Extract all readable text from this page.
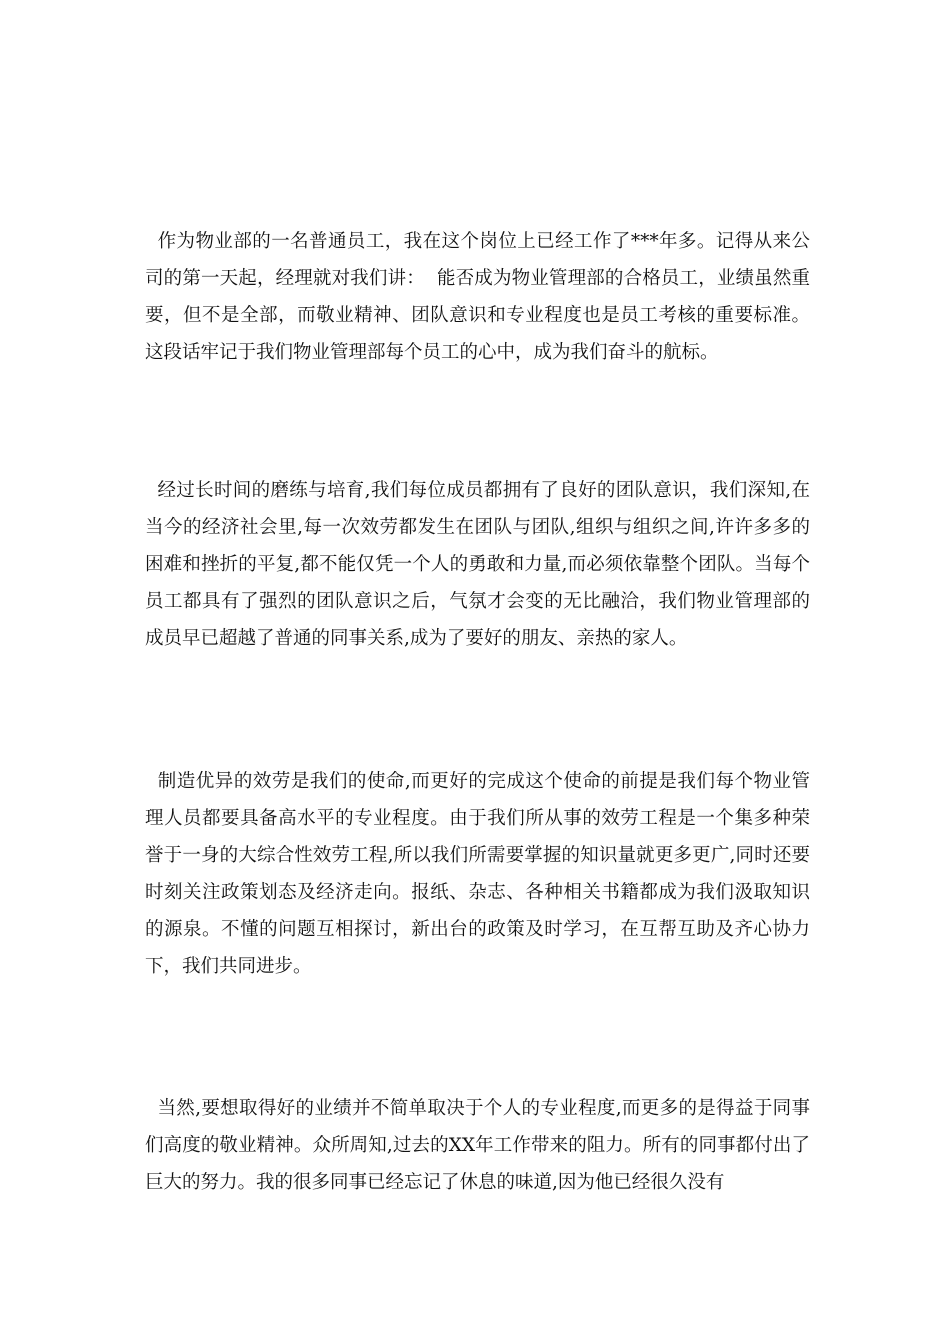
作为物业部的一名普通员工，我在这个岗位上已经工作了***年多。记得从来公司的第一天起，经理就对我们讲：  能否成为物业管理部的合格员工，业绩虽然重要，但不是全部，而敬业精神、团队意识和专业程度也是员工考核的重要标准。  这段话牢记于我们物业管理部每个员工的心中，成为我们奋斗的航标。

经过长时间的磨练与培育,我们每位成员都拥有了良好的团队意识，我们深知,在当今的经济社会里,每一次效劳都发生在团队与团队,组织与组织之间,许许多多的困难和挫折的平复,都不能仅凭一个人的勇敢和力量,而必须依靠整个团队。当每个员工都具有了强烈的团队意识之后，气氛才会变的无比融洽，我们物业管理部的成员早已超越了普通的同事关系,成为了要好的朋友、亲热的家人。

制造优异的效劳是我们的使命,而更好的完成这个使命的前提是我们每个物业管理人员都要具备高水平的专业程度。由于我们所从事的效劳工程是一个集多种荣誉于一身的大综合性效劳工程,所以我们所需要掌握的知识量就更多更广,同时还要时刻关注政策划态及经济走向。报纸、杂志、各种相关书籍都成为我们汲取知识的源泉。不懂的问题互相探讨，新出台的政策及时学习，在互帮互助及齐心协力下，我们共同进步。

当然,要想取得好的业绩并不简单取决于个人的专业程度,而更多的是得益于同事们高度的敬业精神。众所周知,过去的XX年工作带来的阻力。所有的同事都付出了巨大的努力。我的很多同事已经忘记了休息的味道,因为他已经很久没有
